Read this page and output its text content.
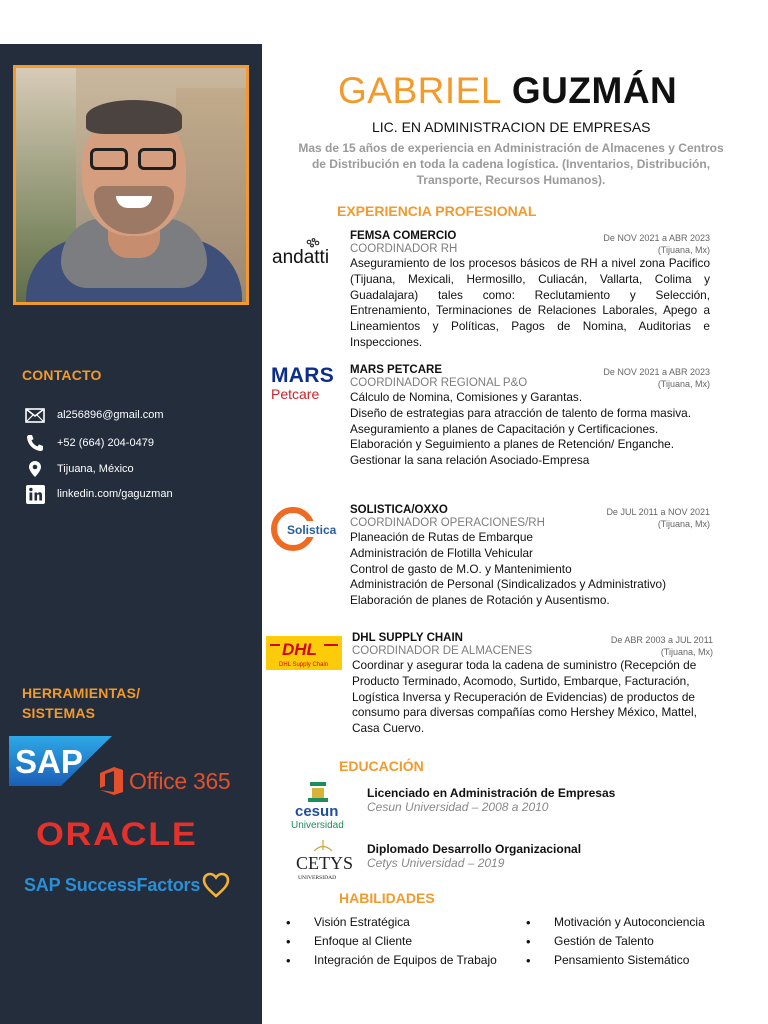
CONTACTO
al256896@gmail.com
+52 (664) 204-0479
Tijuana, México
linkedin.com/gaguzman
HERRAMIENTAS/
SISTEMAS
SAP
Office 365
ORACLE
SAP SuccessFactors
GABRIEL GUZMÁN
LIC. EN ADMINISTRACION DE EMPRESAS
Mas de 15 años de experiencia en Administración de Almacenes y Centros de Distribución en toda la cadena logística. (Inventarios, Distribución, Transporte, Recursos Humanos).
EXPERIENCIA PROFESIONAL
andatti
De NOV 2021 a ABR 2023
(Tijuana, Mx)
FEMSA COMERCIO
COORDINADOR RH
Aseguramiento de los procesos básicos de RH a nivel zona Pacifico (Tijuana, Mexicali, Hermosillo, Culiacán, Vallarta, Colima y Guadalajara) tales como: Reclutamiento y Selección, Entrenamiento, Terminaciones de Relaciones Laborales, Apego a Lineamientos y Políticas, Pagos de Nomina, Auditorias e Inspecciones.
MARS
Petcare
De NOV 2021 a ABR 2023
(Tijuana, Mx)
MARS PETCARE
COORDINADOR REGIONAL P&O
Cálculo de Nomina, Comisiones y Garantas.
Diseño de estrategias para atracción de talento de forma masiva.
Aseguramiento a planes de Capacitación y Certificaciones.
Elaboración y Seguimiento a planes de Retención/ Enganche.
Gestionar la sana relación Asociado-Empresa
Solistica
De JUL 2011 a NOV 2021
(Tijuana, Mx)
SOLISTICA/OXXO
COORDINADOR OPERACIONES/RH
Planeación de Rutas de Embarque
Administración de Flotilla Vehicular
Control de gasto de M.O. y Mantenimiento
Administración de Personal (Sindicalizados y Administrativo)
Elaboración de planes de Rotación y Ausentismo.
DHL
DHL Supply Chain
De ABR 2003 a JUL 2011
(Tijuana, Mx)
DHL SUPPLY CHAIN
COORDINADOR DE ALMACENES
Coordinar y asegurar toda la cadena de suministro (Recepción de Producto Terminado, Acomodo, Surtido, Embarque, Facturación, Logística Inversa y Recuperación de Evidencias) de productos de consumo para diversas compañías como Hershey México, Mattel, Casa Cuervo.
EDUCACIÓN
cesun
Universidad
Licenciado en Administración de Empresas
Cesun Universidad – 2008 a 2010
CETYS
UNIVERSIDAD
Diplomado Desarrollo Organizacional
Cetys Universidad – 2019
HABILIDADES
• Visión Estratégica
• Enfoque al Cliente
• Integración de Equipos de Trabajo
• Motivación y Autoconciencia
• Gestión de Talento
• Pensamiento Sistemático
